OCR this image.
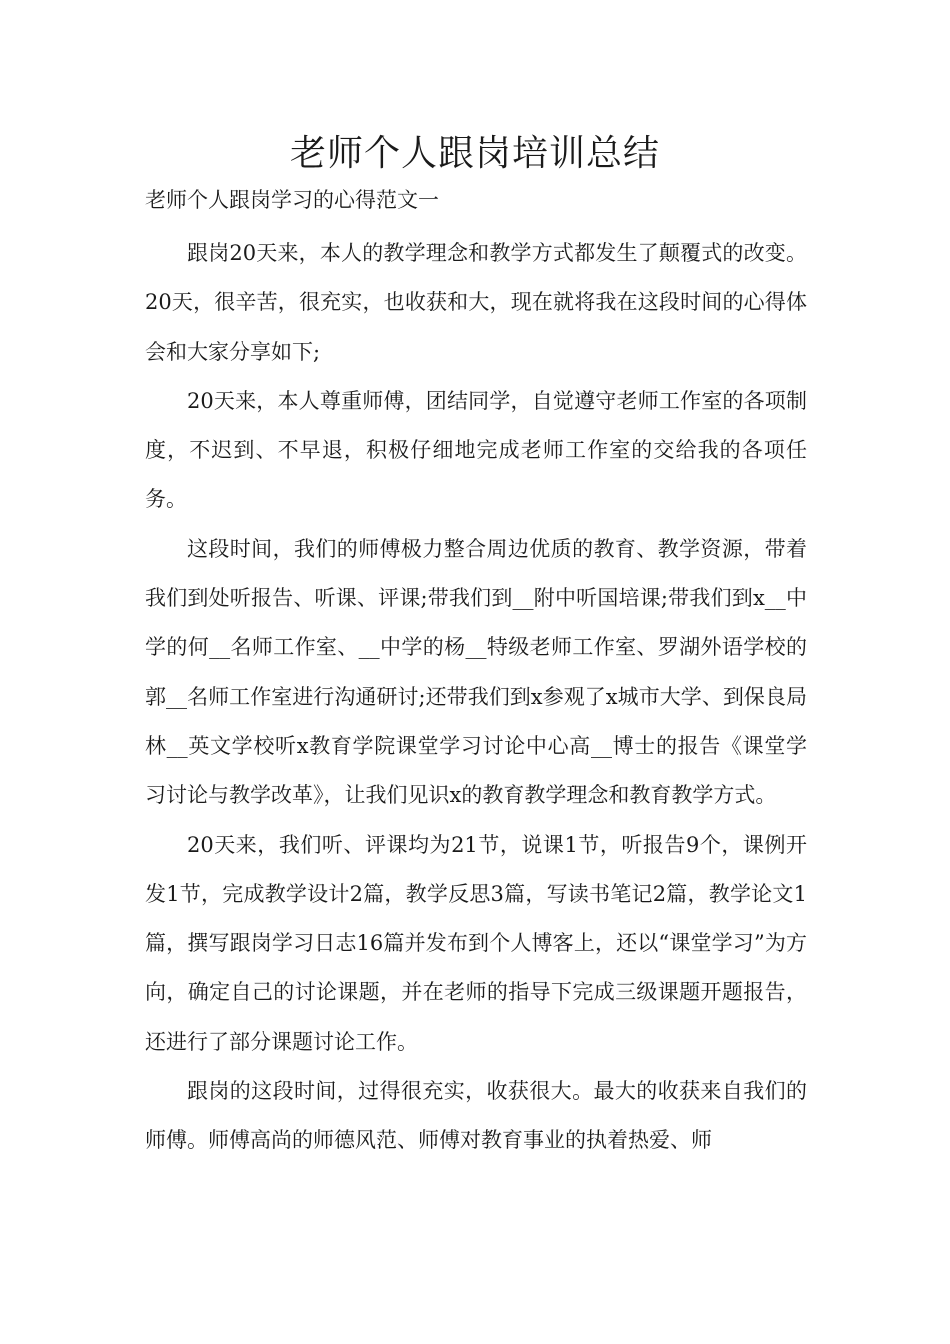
老师个人跟岗培训总结

老师个人跟岗学习的心得范文一

跟岗20天来，本人的教学理念和教学方式都发生了颠覆式的改变。20天，很辛苦，很充实，也收获和大，现在就将我在这段时间的心得体会和大家分享如下;

20天来，本人尊重师傅，团结同学，自觉遵守老师工作室的各项制度，不迟到、不早退，积极仔细地完成老师工作室的交给我的各项任务。

这段时间，我们的师傅极力整合周边优质的教育、教学资源，带着我们到处听报告、听课、评课;带我们到__附中听国培课;带我们到x__中学的何__名师工作室、__中学的杨__特级老师工作室、罗湖外语学校的郭__名师工作室进行沟通研讨;还带我们到x参观了x城市大学、到保良局林__英文学校听x教育学院课堂学习讨论中心高__博士的报告《课堂学习讨论与教学改革》，让我们见识x的教育教学理念和教育教学方式。

20天来，我们听、评课均为21节，说课1节，听报告9个，课例开发1节，完成教学设计2篇，教学反思3篇，写读书笔记2篇，教学论文1篇，撰写跟岗学习日志16篇并发布到个人博客上，还以“课堂学习”为方向，确定自己的讨论课题，并在老师的指导下完成三级课题开题报告，还进行了部分课题讨论工作。

跟岗的这段时间，过得很充实，收获很大。最大的收获来自我们的师傅。师傅高尚的师德风范、师傅对教育事业的执着热爱、师
